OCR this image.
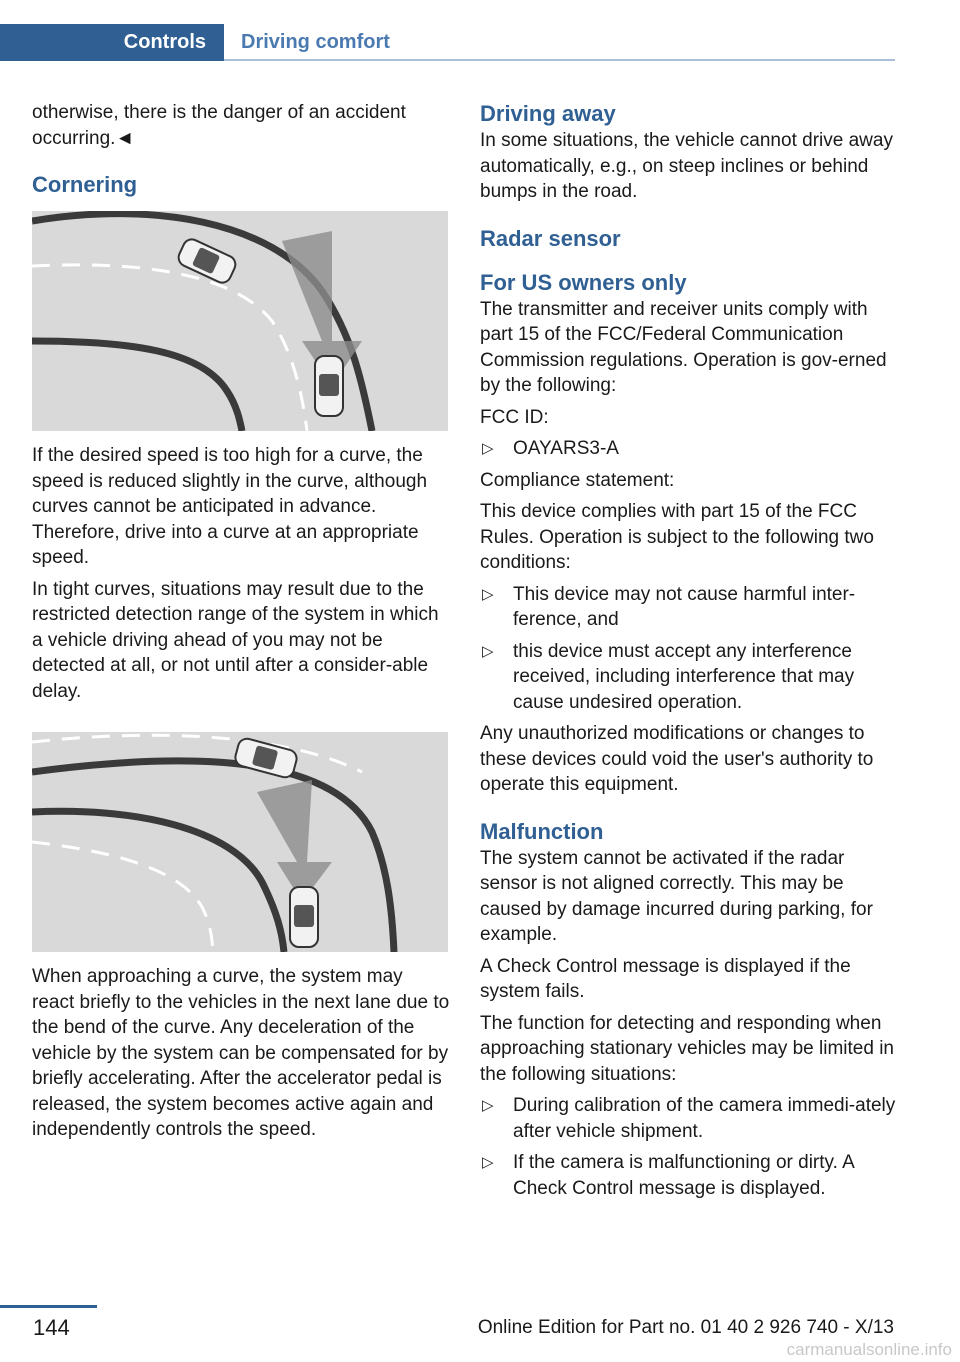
Controls	Driving comfort

otherwise, there is the danger of an accident occurring.◄

Cornering

If the desired speed is too high for a curve, the speed is reduced slightly in the curve, although curves cannot be anticipated in advance. Therefore, drive into a curve at an appropriate speed.

In tight curves, situations may result due to the restricted detection range of the system in which a vehicle driving ahead of you may not be detected at all, or not until after a consider‐able delay.

When approaching a curve, the system may react briefly to the vehicles in the next lane due to the bend of the curve. Any deceleration of the vehicle by the system can be compensated for by briefly accelerating. After the accelerator pedal is released, the system becomes active again and independently controls the speed.

Driving away

In some situations, the vehicle cannot drive away automatically, e.g., on steep inclines or behind bumps in the road.

Radar sensor
For US owners only

The transmitter and receiver units comply with part 15 of the FCC/Federal Communication Commission regulations. Operation is gov‐erned by the following:

FCC ID:

▷ OAYARS3-A

Compliance statement:

This device complies with part 15 of the FCC Rules. Operation is subject to the following two conditions:

▷ This device may not cause harmful inter‐ference, and
▷ this device must accept any interference received, including interference that may cause undesired operation.

Any unauthorized modifications or changes to these devices could void the user's authority to operate this equipment.

Malfunction

The system cannot be activated if the radar sensor is not aligned correctly. This may be caused by damage incurred during parking, for example.

A Check Control message is displayed if the system fails.

The function for detecting and responding when approaching stationary vehicles may be limited in the following situations:

▷ During calibration of the camera immedi‐ately after vehicle shipment.
▷ If the camera is malfunctioning or dirty. A Check Control message is displayed.
144	Online Edition for Part no. 01 40 2 926 740 - X/13
carmanualsonline.info
